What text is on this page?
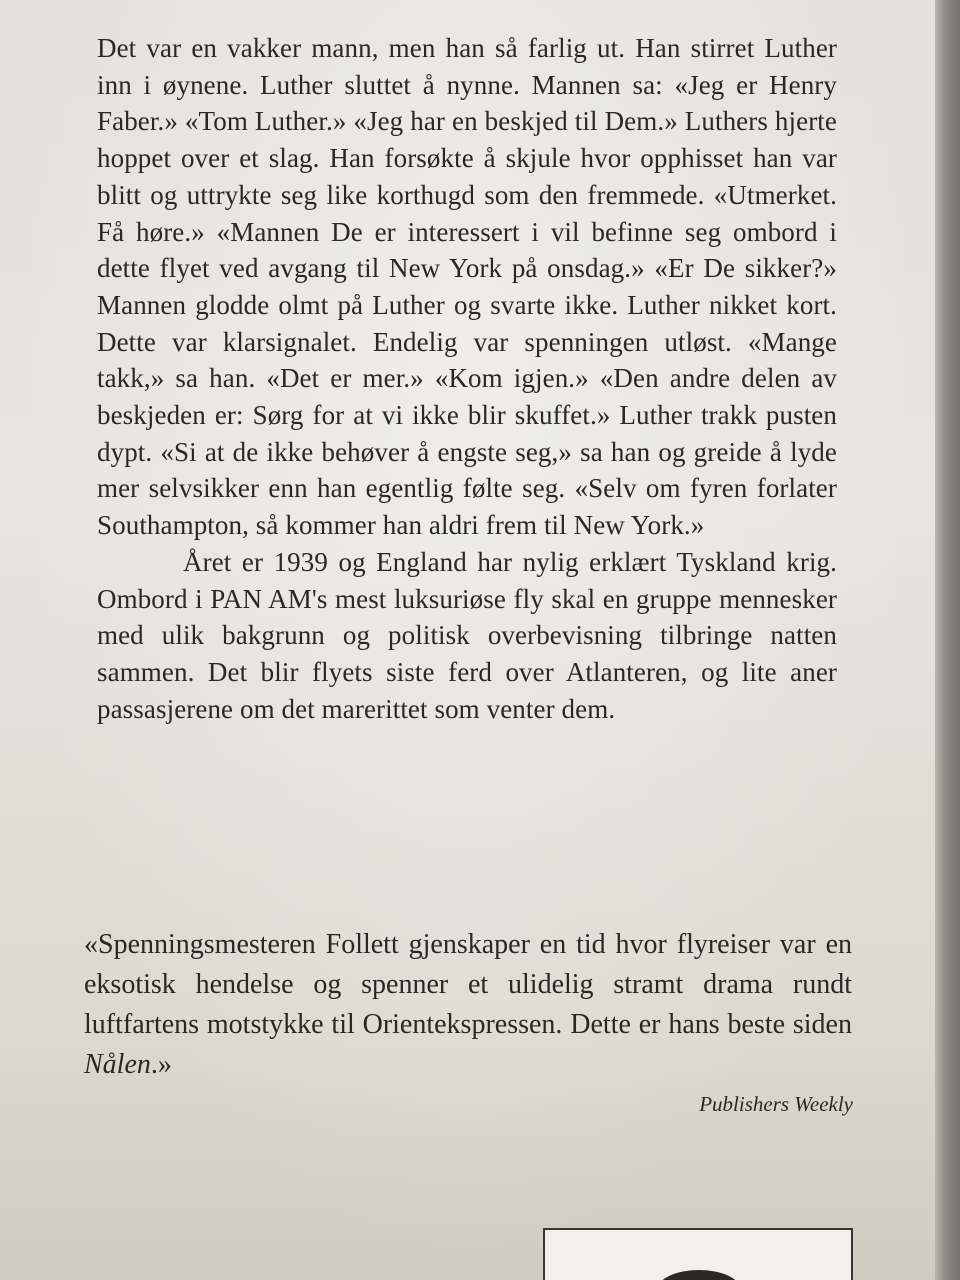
Det var en vakker mann, men han så farlig ut. Han stirret Luther inn i øynene. Luther sluttet å nynne. Mannen sa: «Jeg er Henry Faber.» «Tom Luther.» «Jeg har en beskjed til Dem.» Luthers hjerte hoppet over et slag. Han forsøkte å skjule hvor opphisset han var blitt og uttrykte seg like korthugd som den fremmede. «Utmerket. Få høre.» «Mannen De er interessert i vil befinne seg ombord i dette flyet ved avgang til New York på onsdag.» «Er De sikker?» Mannen glodde olmt på Luther og svarte ikke. Luther nikket kort. Dette var klarsignalet. Endelig var spenningen utløst. «Mange takk,» sa han. «Det er mer.» «Kom igjen.» «Den andre delen av beskjeden er: Sørg for at vi ikke blir skuffet.» Luther trakk pusten dypt. «Si at de ikke behøver å engste seg,» sa han og greide å lyde mer selvsikker enn han egentlig følte seg. «Selv om fyren forlater Southampton, så kommer han aldri frem til New York.»

Året er 1939 og England har nylig erklært Tyskland krig. Ombord i PAN AM's mest luksuriøse fly skal en gruppe mennesker med ulik bakgrunn og politisk overbevisning tilbringe natten sammen. Det blir flyets siste ferd over Atlanteren, og lite aner passasjerene om det marerittet som venter dem.

«Spenningsmesteren Follett gjenskaper en tid hvor flyreiser var en eksotisk hendelse og spenner et ulidelig stramt drama rundt luftfartens motstykke til Orientekspressen. Dette er hans beste siden Nålen.»

Publishers Weekly
